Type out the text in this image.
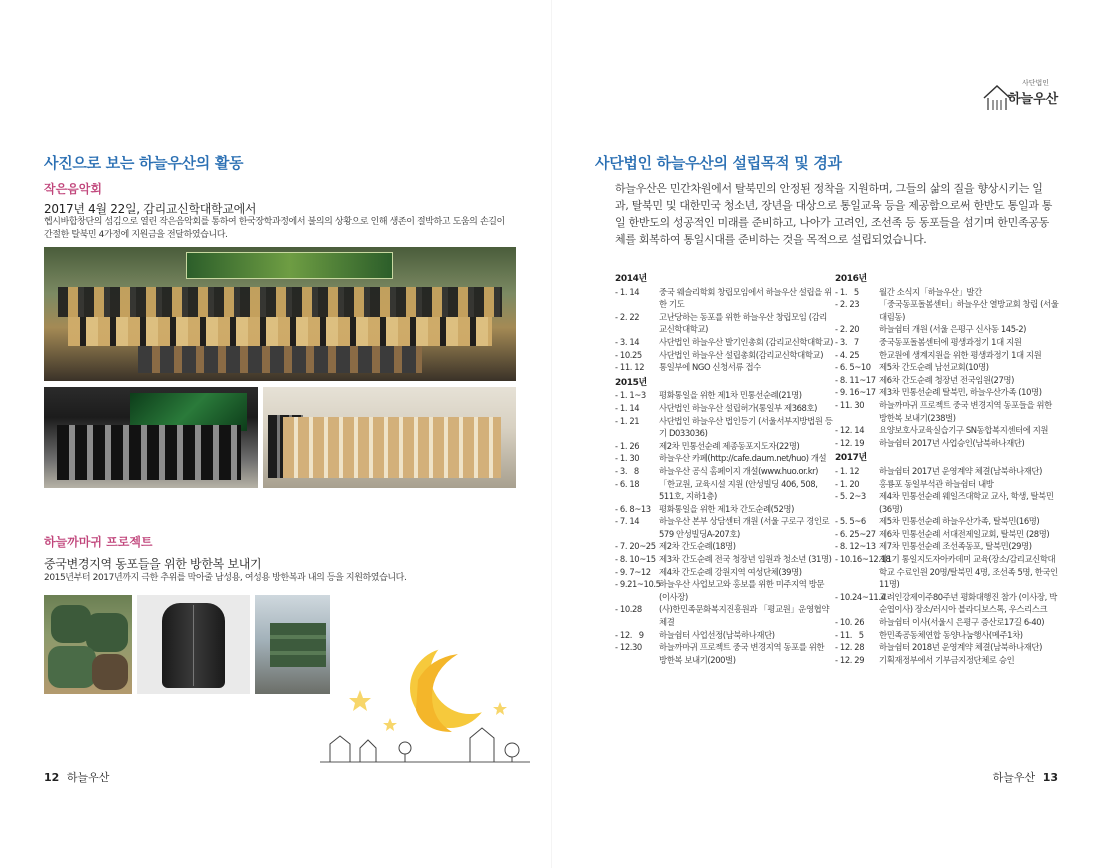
사진으로 보는 하늘우산의 활동
작은음악회
2017년 4월 22일, 감리교신학대학교에서
헵시바합창단의 섬김으로 열린 작은음악회를 통하여 한국장학과정에서 불의의 상황으로 인해 생존이 절박하고 도움의 손길이 간절한 탈북민 4가정에 지원금을 전달하였습니다.
하늘까마귀 프로젝트
중국변경지역 동포들을 위한 방한복 보내기
2015년부터 2017년까지 극한 추위를 막아줄 남성용, 여성용 방한복과 내의 등을 지원하였습니다.
12 하늘우산
사단법인
하늘우산
사단법인 하늘우산의 설립목적 및 경과
하늘우산은 민간차원에서 탈북민의 안정된 정착을 지원하며, 그들의 삶의 질을 향상시키는 일과, 탈북민 및 대한민국 청소년, 장년을 대상으로 통일교육 등을 제공함으로써 한반도 통일과 통일 한반도의 성공적인 미래를 준비하고, 나아가 고려인, 조선족 등 동포들을 섬기며 한민족공동체를 회복하여 통일시대를 준비하는 것을 목적으로 설립되었습니다.
2014년
- 1. 14	중국 웨슬리학회 창립모임에서 하늘우산 설립을 위한 기도
- 2. 22	고난당하는 동포를 위한 하늘우산 창립모임 (감리교신학대학교)
- 3. 14	사단법인 하늘우산 발기인총회 (감리교신학대학교)
- 10.25	사단법인 하늘우산 설립총회(감리교신학대학교)
- 11. 12	통일부에 NGO 신청서류 접수
2015년
- 1. 1~3	평화통일을 위한 제1차 민통선순례(21명)
- 1. 14	사단법인 하늘우산 설립허가(통일부 제368호)
- 1. 21	사단법인 하늘우산 법인등기 (서울서부지방법원 등기 D033036)
- 1. 26	제2차 민통선순례 제종동포지도자(22명)
- 1. 30	하늘우산 카페(http://cafe.daum.net/huo) 개설
- 3.   8	하늘우산 공식 홈페이지 개설(www.huo.or.kr)
- 6. 18	「한교원, 교육시설 지원 (안성빌딩 406, 508, 511호, 지하1층)
- 6. 8~13 평화통일을 위한 제1차 간도순례(52명)
- 7. 14	하늘우산 본부 상담센터 개원 (서울 구로구 경인로 579 안성빌딩A-207호)
- 7. 20~25 제2차 간도순례(18명)
- 8. 10~15 제3차 간도순례 전국 청장년 임원과 청소년 (31명)
- 9. 7~12 제4차 간도순례 강원지역 여성단체(39명)
- 9.21~10.5
하늘우산 사업보고와 홍보를 위한 미주지역 방문(이사장)
- 10.28	(사)한민족문화복지진흥원과 「평교원」운영협약 체결
- 12.   9	하늘쉼터 사업선정(남북하나재단)
- 12.30	하늘까마귀 프로젝트 중국 변경지역 동포를 위한 방한복 보내기(200벌)
2016년
- 1.   5	월간 소식지「하늘우산」발간
- 2. 23	「중국동포돌봄센터」하늘우산 열방교회 창립 (서울 대림동)
- 2. 20	하늘쉼터 개원 (서울 은평구 신사동 145-2)
- 3.   7	중국동포돌봄센터에 평생과정기 1대 지원
- 4. 25	한교원에 생계지원을 위한 평생과정기 1대 지원
- 6. 5~10 제5차 간도순례 남선교회(10명)
- 8. 11~17 제6차 간도순례 청장년 전국임원(27명)
- 9. 16~17 제3차 민통선순례 탈북민, 하늘우산가족 (10명)
- 11. 30	하늘까마귀 프로젝트 중국 변경지역 동포들을 위한 방한복 보내기(238벌)
- 12. 14	요양보호사교육실습기구 SN동합복지센터에 지원
- 12. 19	하늘쉼터 2017년 사업승인(남북하나재단)
2017년
- 1. 12	하늘쉼터 2017년 운영계약 체결(남북하나재단)
- 1. 20	홍룡포 동일부석관 하늘쉼터 내방
- 5. 2~3	제4차 민통선순례 웨일즈대학교 교사, 학생, 탈북민(36명)
- 5. 5~6	제5차 민통선순례 하늘우산가족, 탈북민(16명)
- 6. 25~27 제6차 민통선순례 서대전제일교회, 탈북민 (28명)
- 8. 12~13 제7차 민통선순례 조선족동포, 탈북민(29명)
- 10.16~12.18
제1기 통일지도자아카데미 교육(장소/감리교신학대학교 수료인원 20명/탈북민 4명, 조선족 5명, 한국인 11명)
- 10.24~11.4
고려인강제이주80주년 평화대행진 참가 (이사장, 박순엽이사) 장소/러시아 블라디보스톡, 우스리스크
- 10. 26	하늘쉼터 이사(서울시 은평구 증산로17길 6-40)
- 11.   5	한민족공동체연합 동양나눔행사(메주1차)
- 12. 28	하늘쉼터 2018년 운영계약 체결(남북하나재단)
- 12. 29	기획재정부에서 기부금지정단체로 승인
하늘우산 13
